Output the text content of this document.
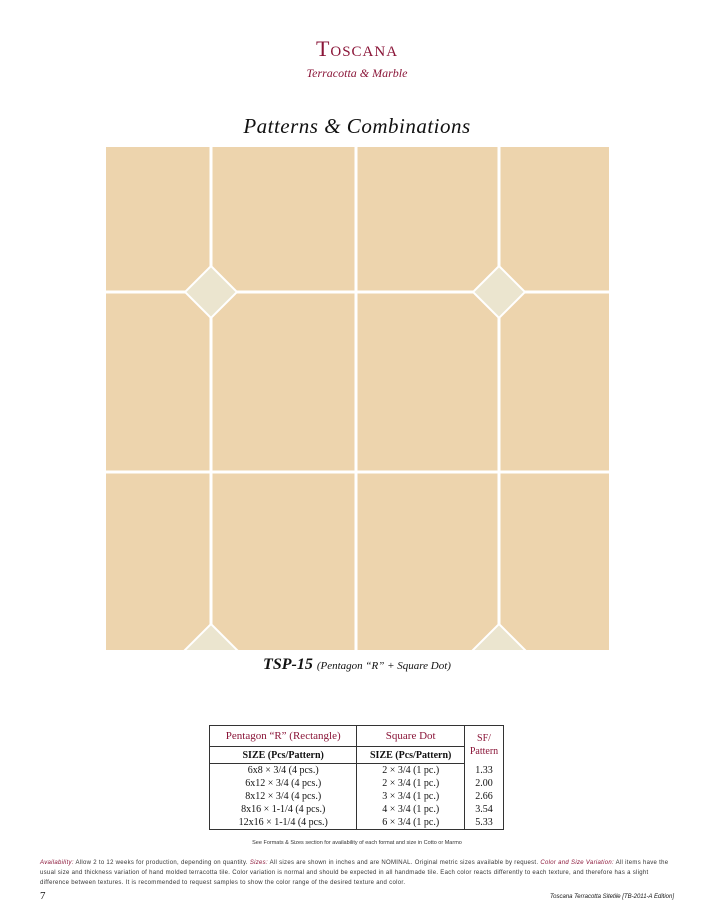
Toscana
Terracotta & Marble
Patterns & Combinations
TSP-15 (Pentagon “R” + Square Dot)
Pentagon “R” (Rectangle)	Square Dot	SF/ Pattern
SIZE (Pcs/Pattern)	SIZE (Pcs/Pattern)	
6x8 × 3/4 (4 pcs.)	2 × 3/4 (1 pc.)	1.33
6x12 × 3/4 (4 pcs.)	2 × 3/4 (1 pc.)	2.00
8x12 × 3/4 (4 pcs.)	3 × 3/4 (1 pc.)	2.66
8x16 × 1-1/4 (4 pcs.)	4 × 3/4 (1 pc.)	3.54
12x16 × 1-1/4 (4 pcs.)	6 × 3/4 (1 pc.)	5.33
See Formats & Sizes section for availability of each format and size in Cotto or Marmo
Availability: Allow 2 to 12 weeks for production, depending on quantity. Sizes: All sizes are shown in inches and are NOMINAL. Original metric sizes available by request. Color and Size Variation: All items have the usual size and thickness variation of hand molded terracotta tile. Color variation is normal and should be expected in all handmade tile. Each color reacts differently to each texture, and therefore has a slight difference between textures. It is recommended to request samples to show the color range of the desired texture and color.
7	Toscana Terracotta Sitetile [TB-2011-A Edition]
